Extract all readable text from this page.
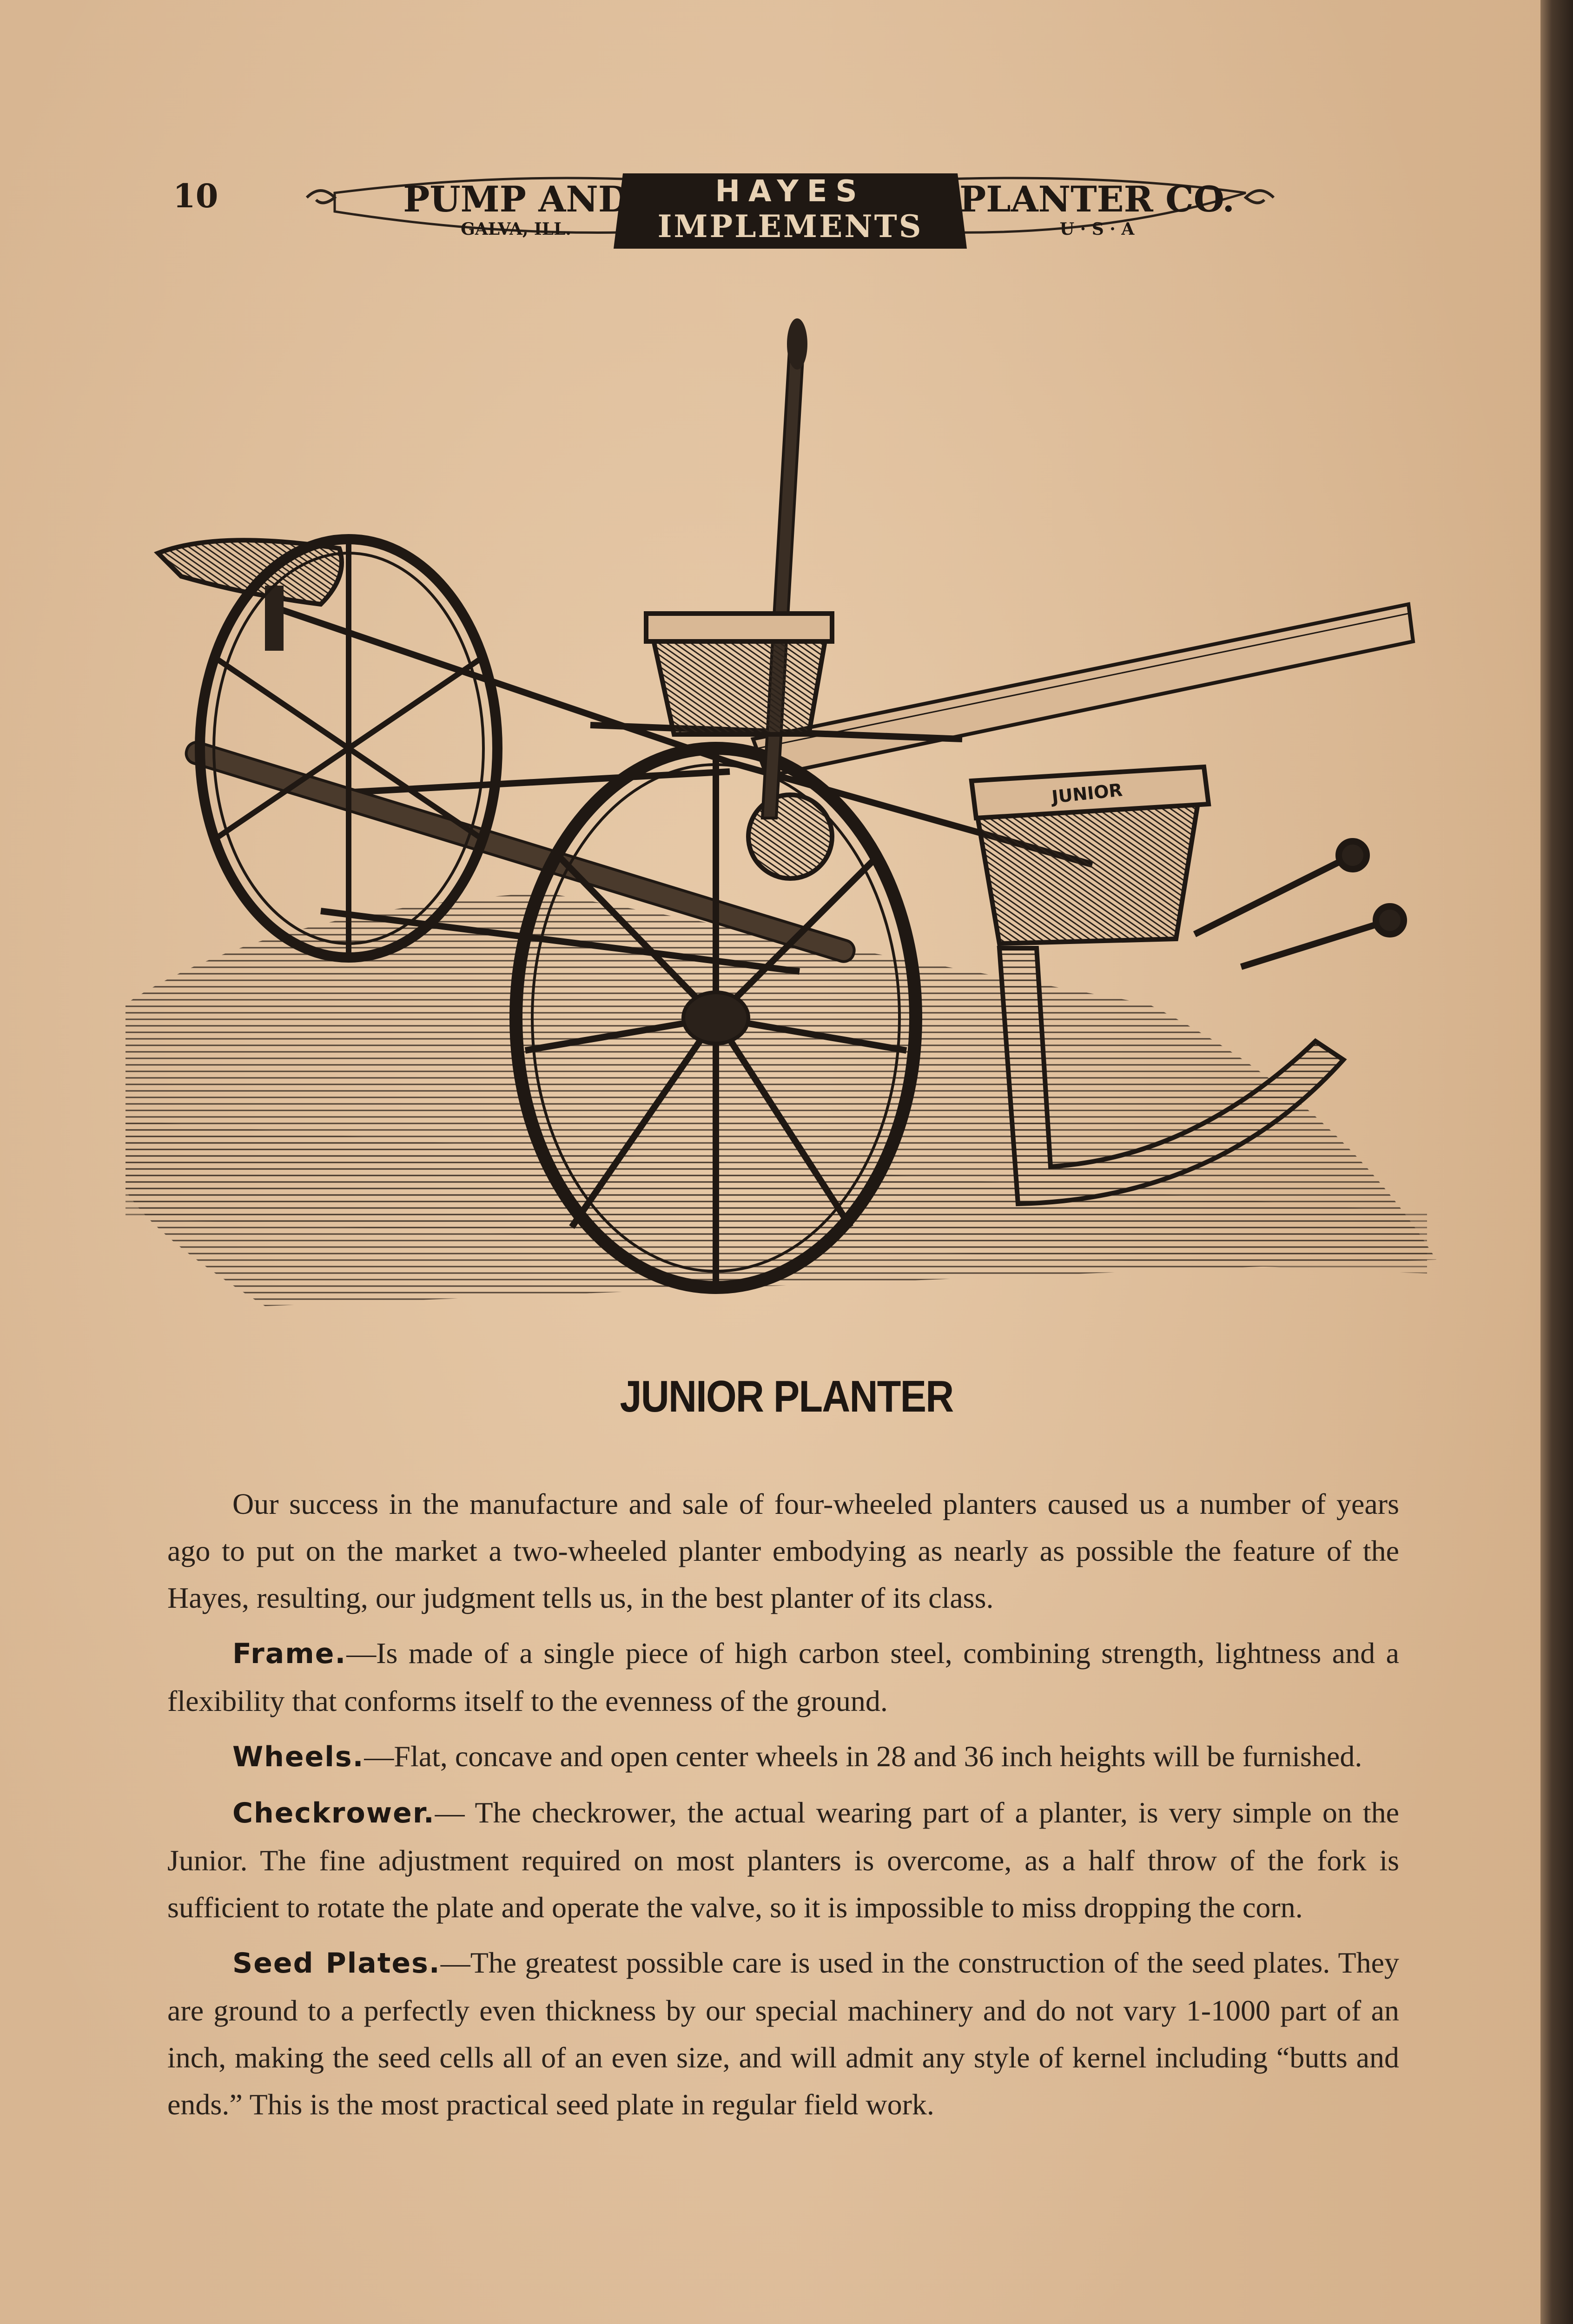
10	PUMP AND
GALVA, ILL.
HAYES
IMPLEMENTS
PLANTER CO.
U · S · A
JUNIOR
JUNIOR PLANTER

Our success in the manufacture and sale of four-wheeled planters caused us a number of years ago to put on the market a two-wheeled planter embodying as nearly as possible the feature of the Hayes, resulting, our judgment tells us, in the best planter of its class.

Frame.—Is made of a single piece of high carbon steel, combining strength, lightness and a flexibility that conforms itself to the evenness of the ground.

Wheels.—Flat, concave and open center wheels in 28 and 36 inch heights will be furnished.

Checkrower.— The checkrower, the actual wearing part of a planter, is very simple on the Junior. The fine adjustment required on most planters is overcome, as a half throw of the fork is sufficient to rotate the plate and operate the valve, so it is impossible to miss dropping the corn.

Seed Plates.—The greatest possible care is used in the construction of the seed plates. They are ground to a perfectly even thickness by our special machinery and do not vary 1-1000 part of an inch, making the seed cells all of an even size, and will admit any style of kernel including “butts and ends.” This is the most practical seed plate in regular field work.
